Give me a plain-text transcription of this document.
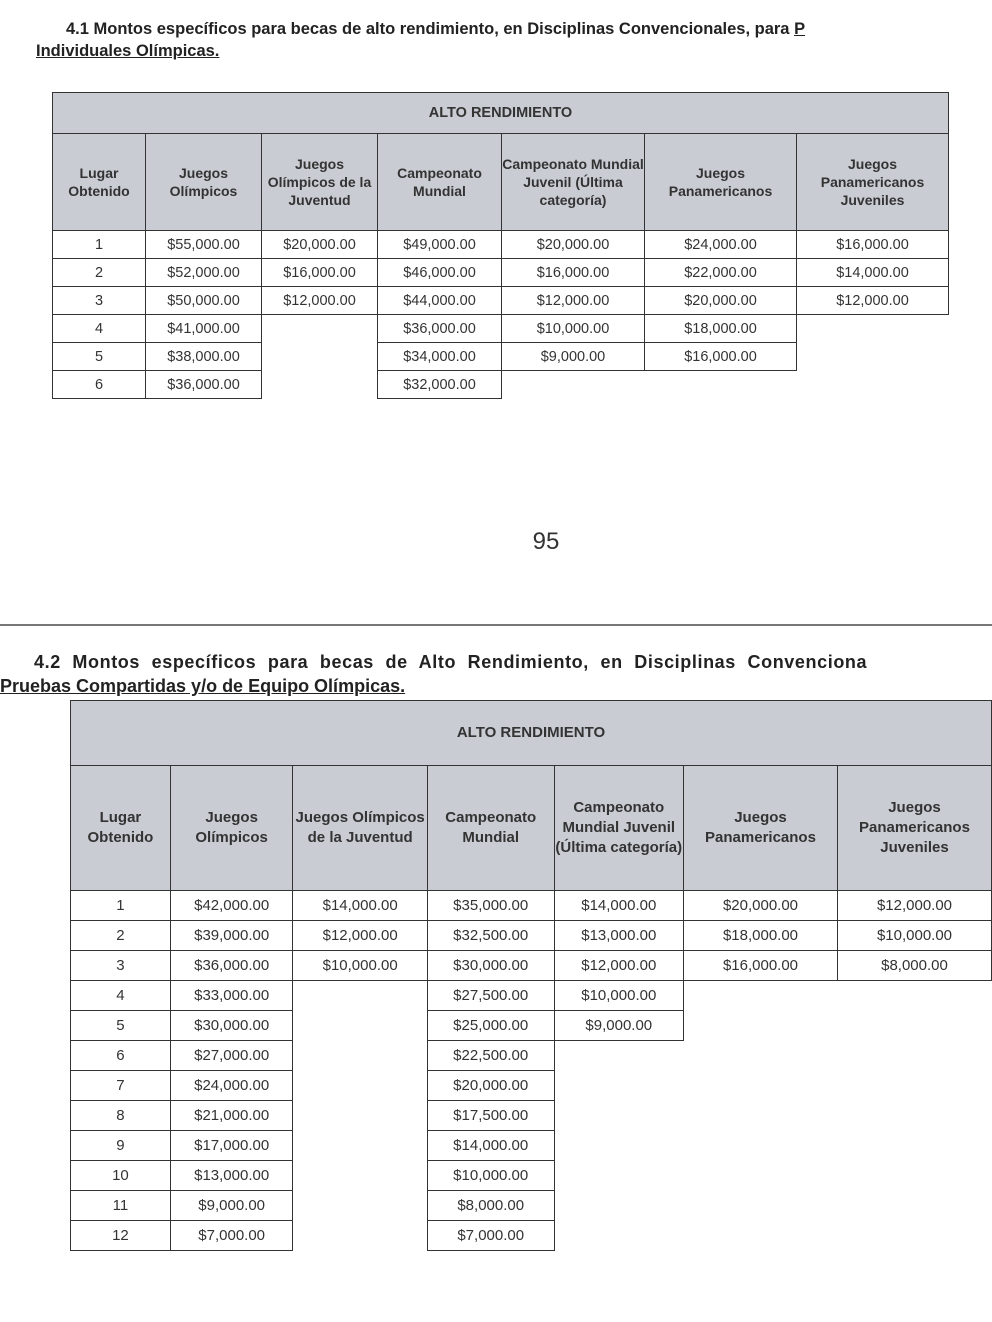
4.1 Montos específicos para becas de alto rendimiento, en Disciplinas Convencionales, para P
Individuales Olímpicas.
ALTO RENDIMIENTO						
Lugar Obtenido	Juegos Olímpicos	Juegos Olímpicos de la Juventud	Campeonato Mundial	Campeonato Mundial Juvenil (Última categoría)	Juegos Panamericanos	Juegos Panamericanos Juveniles
1	$55,000.00	$20,000.00	$49,000.00	$20,000.00	$24,000.00	$16,000.00
2	$52,000.00	$16,000.00	$46,000.00	$16,000.00	$22,000.00	$14,000.00
3	$50,000.00	$12,000.00	$44,000.00	$12,000.00	$20,000.00	$12,000.00
4	$41,000.00		$36,000.00	$10,000.00	$18,000.00	
5	$38,000.00		$34,000.00	$9,000.00	$16,000.00	
6	$36,000.00		$32,000.00			
95
4.2 Montos específicos para becas de Alto Rendimiento, en Disciplinas Convenciona
Pruebas Compartidas y/o de Equipo Olímpicas.
ALTO RENDIMIENTO						
Lugar Obtenido	Juegos Olímpicos	Juegos Olímpicos de la Juventud	Campeonato Mundial	Campeonato Mundial Juvenil (Última categoría)	Juegos Panamericanos	Juegos Panamericanos Juveniles
1	$42,000.00	$14,000.00	$35,000.00	$14,000.00	$20,000.00	$12,000.00
2	$39,000.00	$12,000.00	$32,500.00	$13,000.00	$18,000.00	$10,000.00
3	$36,000.00	$10,000.00	$30,000.00	$12,000.00	$16,000.00	$8,000.00
4	$33,000.00		$27,500.00	$10,000.00		
5	$30,000.00		$25,000.00	$9,000.00		
6	$27,000.00		$22,500.00			
7	$24,000.00		$20,000.00			
8	$21,000.00		$17,500.00			
9	$17,000.00		$14,000.00			
10	$13,000.00		$10,000.00			
11	$9,000.00		$8,000.00			
12	$7,000.00		$7,000.00			
